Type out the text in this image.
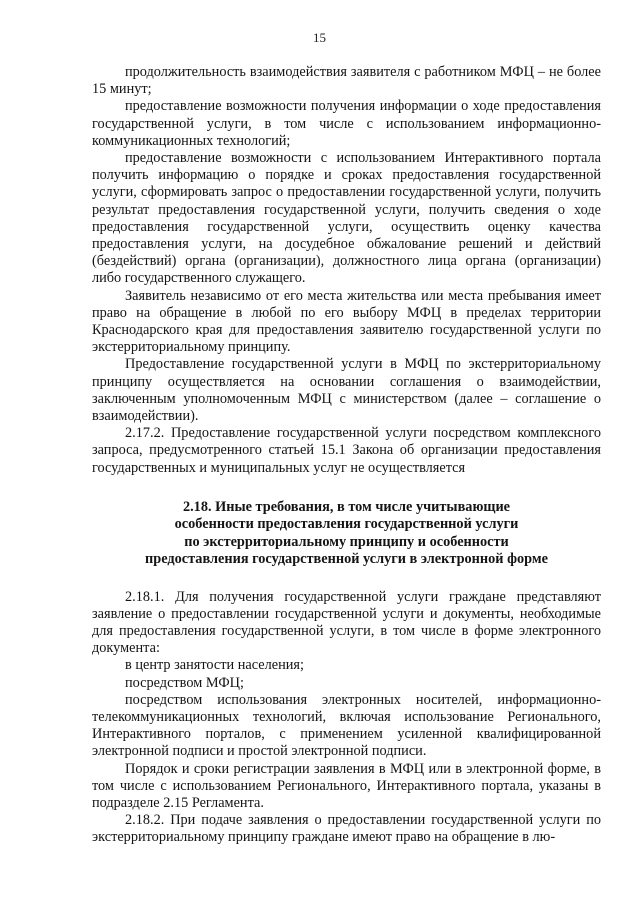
15

продолжительность взаимодействия заявителя с работником МФЦ – не более 15 минут;

предоставление возможности получения информации о ходе предоставления государственной услуги, в том числе с использованием информационно-коммуникационных технологий;

предоставление возможности с использованием Интерактивного портала получить информацию о порядке и сроках предоставления государственной услуги, сформировать запрос о предоставлении государственной услуги, получить результат предоставления государственной услуги, получить сведения о ходе предоставления государственной услуги, осуществить оценку качества предоставления услуги, на досудебное обжалование решений и действий (бездействий) органа (организации), должностного лица органа (организации) либо государственного служащего.

Заявитель независимо от его места жительства или места пребывания имеет право на обращение в любой по его выбору МФЦ в пределах территории Краснодарского края для предоставления заявителю государственной услуги по экстерриториальному принципу.

Предоставление государственной услуги в МФЦ по экстерриториальному принципу осуществляется на основании соглашения о взаимодействии, заключенным уполномоченным МФЦ с министерством (далее – соглашение о взаимодействии).

2.17.2. Предоставление государственной услуги посредством комплексного запроса, предусмотренного статьей 15.1 Закона об организации предоставления государственных и муниципальных услуг не осуществляется

2.18. Иные требования, в том числе учитывающие
особенности предоставления государственной услуги
по экстерриториальному принципу и особенности
предоставления государственной услуги в электронной форме

2.18.1. Для получения государственной услуги граждане представляют заявление о предоставлении государственной услуги и документы, необходимые для предоставления государственной услуги, в том числе в форме электронного документа:

в центр занятости населения;

посредством МФЦ;

посредством использования электронных носителей, информационно-телекоммуникационных технологий, включая использование Регионального, Интерактивного порталов, с применением усиленной квалифицированной электронной подписи и простой электронной подписи.

Порядок и сроки регистрации заявления в МФЦ или в электронной форме, в том числе с использованием Регионального, Интерактивного портала, указаны в подразделе 2.15 Регламента.

2.18.2. При подаче заявления о предоставлении государственной услуги по экстерриториальному принципу граждане имеют право на обращение в лю-
